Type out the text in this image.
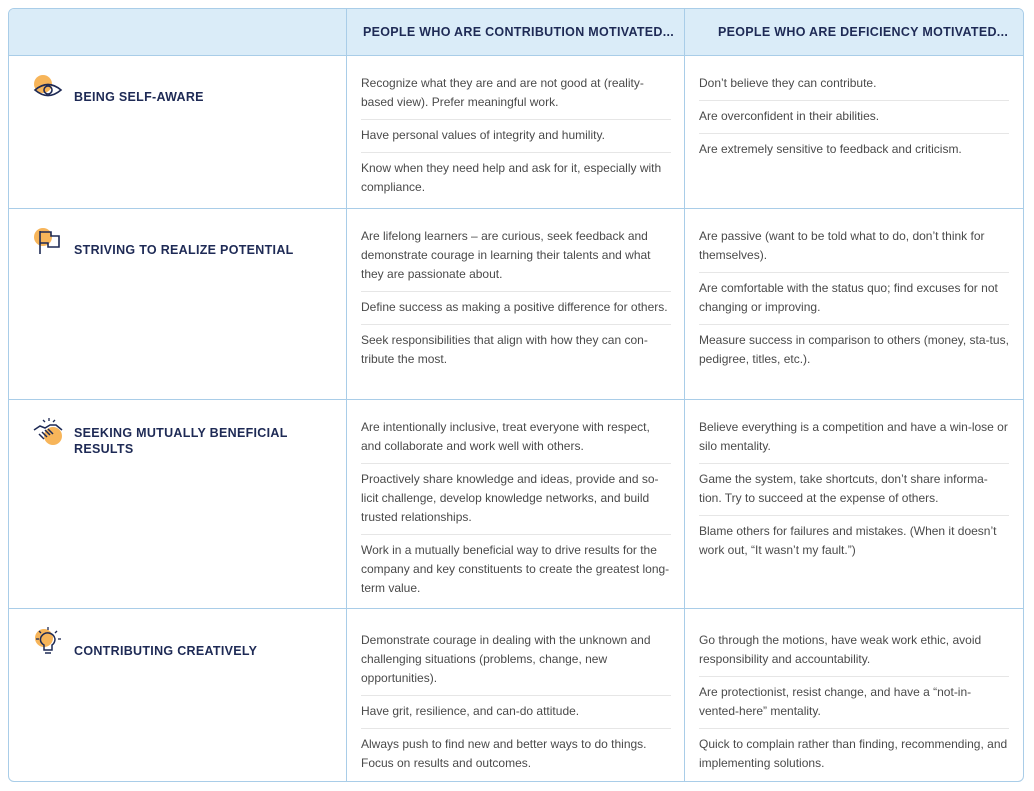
PEOPLE WHO ARE CONTRIBUTION MOTIVATED...	PEOPLE WHO ARE DEFICIENCY MOTIVATED...
BEING SELF-AWARE
Recognize what they are and are not good at (reality-based view). Prefer meaningful work.
Have personal values of integrity and humility.
Know when they need help and ask for it, especially with compliance.
Don’t believe they can contribute.
Are overconfident in their abilities.
Are extremely sensitive to feedback and criticism.
STRIVING TO REALIZE POTENTIAL
Are lifelong learners – are curious, seek feedback and demonstrate courage in learning their talents and what they are passionate about.
Define success as making a positive difference for others.
Seek responsibilities that align with how they can con-tribute the most.
Are passive (want to be told what to do, don’t think for themselves).
Are comfortable with the status quo; find excuses for not changing or improving.
Measure success in comparison to others (money, sta-tus, pedigree, titles, etc.).
SEEKING MUTUALLY BENEFICIAL RESULTS
Are intentionally inclusive, treat everyone with respect, and collaborate and work well with others.
Proactively share knowledge and ideas, provide and so-licit challenge, develop knowledge networks, and build trusted relationships.
Work in a mutually beneficial way to drive results for the company and key constituents to create the greatest long-term value.
Believe everything is a competition and have a win-lose or silo mentality.
Game the system, take shortcuts, don’t share informa-tion. Try to succeed at the expense of others.
Blame others for failures and mistakes. (When it doesn’t work out, “It wasn’t my fault.”)
CONTRIBUTING CREATIVELY
Demonstrate courage in dealing with the unknown and challenging situations (problems, change, new opportunities).
Have grit, resilience, and can-do attitude.
Always push to find new and better ways to do things. Focus on results and outcomes.
Go through the motions, have weak work ethic, avoid responsibility and accountability.
Are protectionist, resist change, and have a “not-in-vented-here” mentality.
Quick to complain rather than finding, recommending, and implementing solutions.
